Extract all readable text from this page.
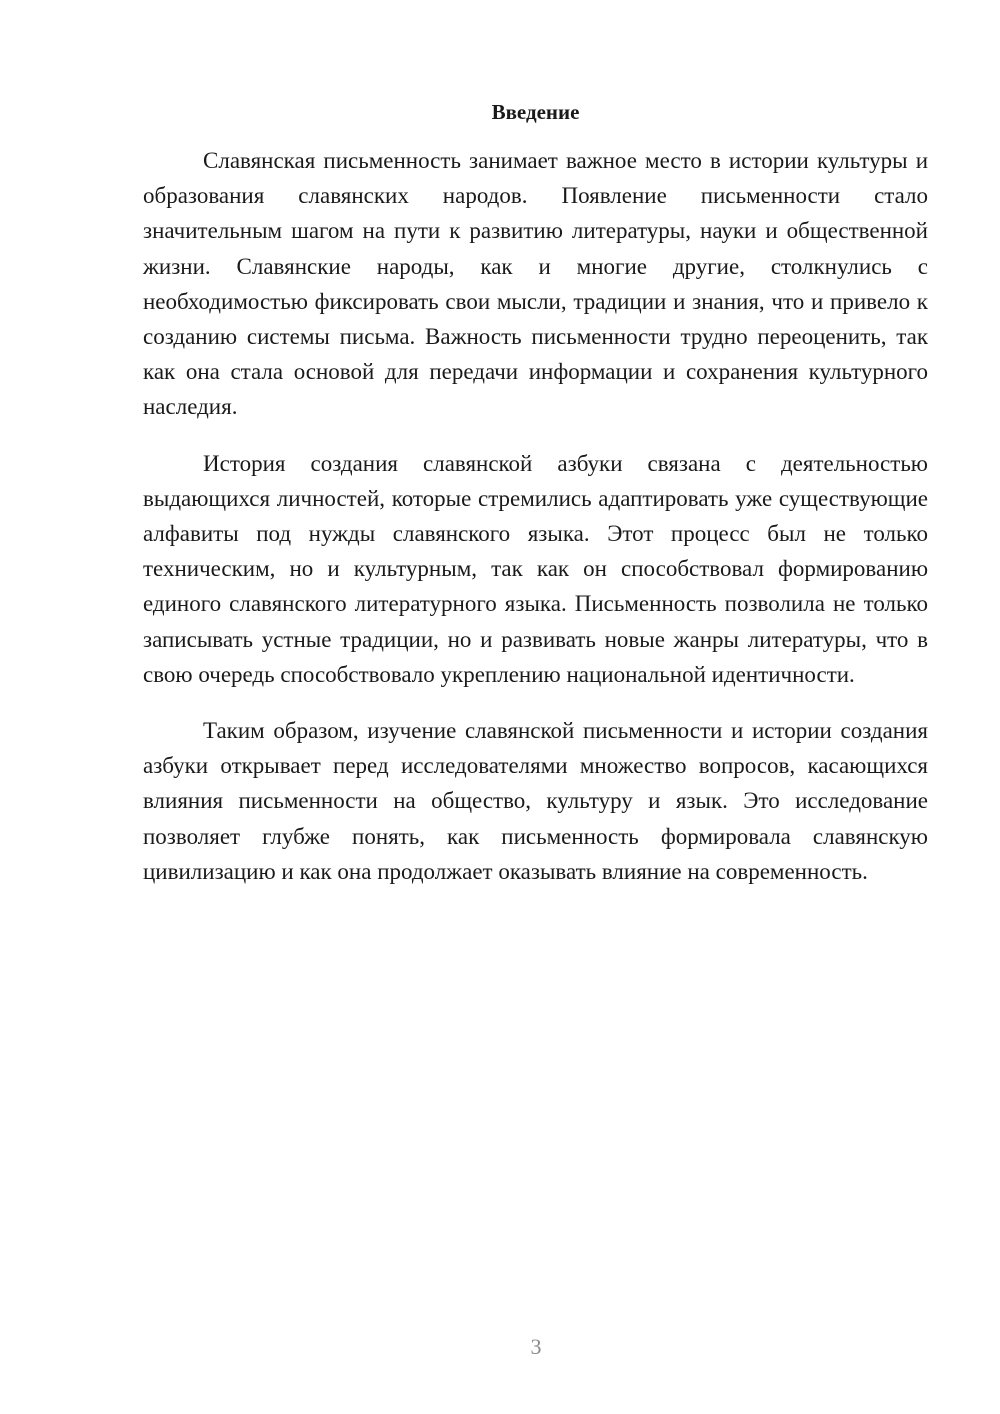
Введение

Славянская письменность занимает важное место в истории культуры и образования славянских народов. Появление письменности стало значительным шагом на пути к развитию литературы, науки и общественной жизни. Славянские народы, как и многие другие, столкнулись с необходимостью фиксировать свои мысли, традиции и знания, что и привело к созданию системы письма. Важность письменности трудно переоценить, так как она стала основой для передачи информации и сохранения культурного наследия.

История создания славянской азбуки связана с деятельностью выдающихся личностей, которые стремились адаптировать уже существующие алфавиты под нужды славянского языка. Этот процесс был не только техническим, но и культурным, так как он способствовал формированию единого славянского литературного языка. Письменность позволила не только записывать устные традиции, но и развивать новые жанры литературы, что в свою очередь способствовало укреплению национальной идентичности.

Таким образом, изучение славянской письменности и истории создания азбуки открывает перед исследователями множество вопросов, касающихся влияния письменности на общество, культуру и язык. Это исследование позволяет глубже понять, как письменность формировала славянскую цивилизацию и как она продолжает оказывать влияние на современность.

3
